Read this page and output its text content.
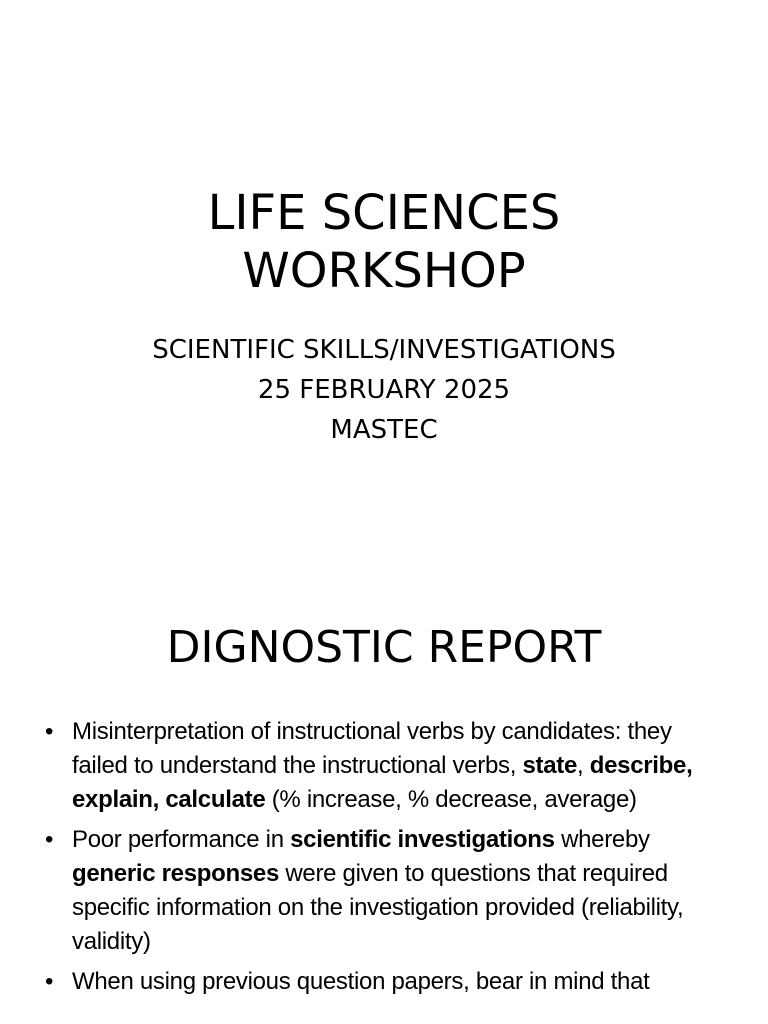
LIFE SCIENCES
WORKSHOP
SCIENTIFIC SKILLS/INVESTIGATIONS
25 FEBRUARY 2025
MASTEC
DIGNOSTIC REPORT
• Misinterpretation of instructional verbs by candidates: they failed to understand the instructional verbs, state, describe, explain, calculate (% increase, % decrease, average)
• Poor performance in scientific investigations whereby generic responses were given to questions that required specific information on the investigation provided (reliability, validity)
• When using previous question papers, bear in mind that
